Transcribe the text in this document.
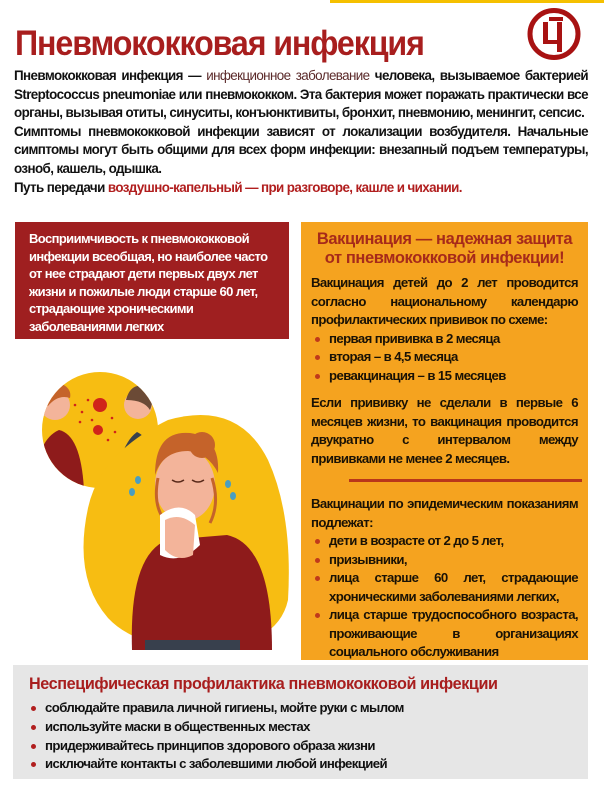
Пневмококковая инфекция

Пневмококковая инфекция — инфекционное заболевание человека, вызываемое бактерией Streptococcus pneumoniae или пневмококком. Эта бактерия может поражать практически все органы, вызывая отиты, синуситы, конъюнктивиты, бронхит, пневмонию, менингит, сепсис.

Симптомы пневмококковой инфекции зависят от локализации возбудителя. Начальные симптомы могут быть общими для всех форм инфекции: внезапный подъем температуры, озноб, кашель, одышка.

Путь передачи воздушно-капельный — при разговоре, кашле и чихании.

Восприимчивость к пневмококковой инфекции всеобщая, но наиболее часто от нее страдают дети первых двух лет жизни и пожилые люди старше 60 лет, страдающие хроническими заболеваниями легких

Вакцинация — надежная защита от пневмококковой инфекции!

Вакцинация детей до 2 лет проводится согласно национальному календарю профилактических прививок по схеме:

первая прививка в 2 месяца
вторая – в 4,5 месяца
ревакцинация – в 15 месяцев

Если прививку не сделали в первые 6 месяцев жизни, то вакцинация проводится двукратно с интервалом между прививками не менее 2 месяцев.

Вакцинации по эпидемическим показаниям подлежат:

дети в возрасте от 2 до 5 лет,
призывники,
лица старше 60 лет, страдающие хроническими заболеваниями легких,
лица старше трудоспособного возраста, проживающие в организациях социального обслуживания
Неспецифическая профилактика пневмококковой инфекции
соблюдайте правила личной гигиены, мойте руки с мылом
используйте маски в общественных местах
придерживайтесь принципов здорового образа жизни
исключайте контакты с заболевшими любой инфекцией
